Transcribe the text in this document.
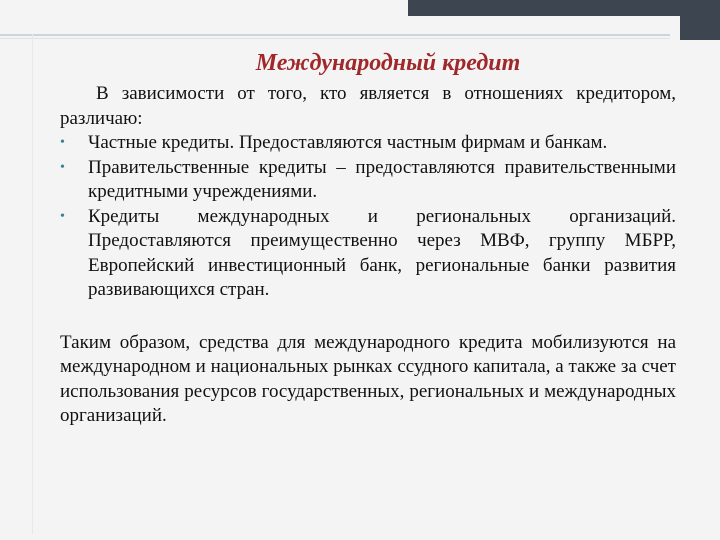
Международный кредит

В зависимости от того, кто является в отношениях кредитором, различаю:

•	Частные кредиты. Предоставляются частным фирмам и банкам.
•	Правительственные кредиты – предоставляются правительственными кредитными учреждениями.
•	Кредиты международных и региональных организаций. Предоставляются преимущественно через МВФ, группу МБРР, Европейский инвестиционный банк, региональные банки развития развивающихся стран.

Таким образом, средства для международного кредита мобилизуются на международном и национальных рынках ссудного капитала, а также за счет использования ресурсов государственных, региональных и международных организаций.
